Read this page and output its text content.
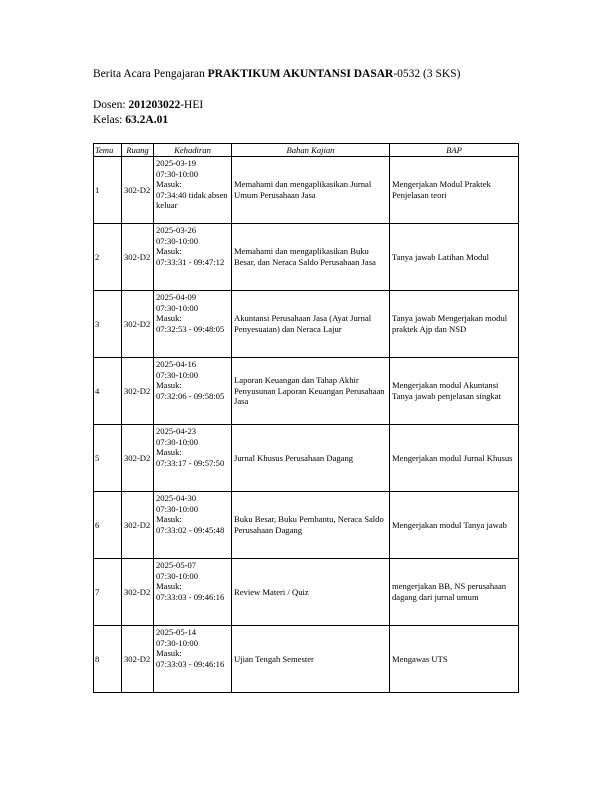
Berita Acara Pengajaran PRAKTIKUM AKUNTANSI DASAR-0532 (3 SKS)
Dosen: 201203022-HEI
Kelas: 63.2A.01
Temu	Ruang	Kehadiran	Bahan Kajian	BAP
1	302-D2	2025-03-19
07:30-10:00
Masuk:
07:34:40 tidak absen keluar	Memahami dan mengaplikasikan Jurnal Umum Perusahaan Jasa	Mengerjakan Modul Praktek Penjelasan teori
2	302-D2	2025-03-26
07:30-10:00
Masuk:
07:33:31 - 09:47:12	Memahami dan mengaplikasikan Buku Besar, dan Neraca Saldo Perusahaan Jasa	Tanya jawab Latihan Modul
3	302-D2	2025-04-09
07:30-10:00
Masuk:
07:32:53 - 09:48:05	Akuntansi Perusahaan Jasa (Ayat Jurnal Penyesuaian) dan Neraca Lajur	Tanya jawab Mengerjakan modul praktek Ajp dan NSD
4	302-D2	2025-04-16
07:30-10:00
Masuk:
07:32:06 - 09:58:05	Laporan Keuangan dan Tahap Akhir Penyusunan Laporan Keuangan Perusahaan Jasa	Mengerjakan modul Akuntansi Tanya jawab penjelasan singkat
5	302-D2	2025-04-23
07:30-10:00
Masuk:
07:33:17 - 09:57:50	Jurnal Khusus Perusahaan Dagang	Mengerjakan modul Jurnal Khusus
6	302-D2	2025-04-30
07:30-10:00
Masuk:
07:33:02 - 09:45:48	Buku Besar, Buku Pembantu, Neraca Saldo Perusahaan Dagang	Mengerjakan modul Tanya jawab
7	302-D2	2025-05-07
07:30-10:00
Masuk:
07:33:03 - 09:46:16	Review Materi / Quiz	mengerjakan BB, NS perusahaan dagang dari jurnal umum
8	302-D2	2025-05-14
07:30-10:00
Masuk:
07:33:03 - 09:46:16	Ujian Tengah Semester	Mengawas UTS
